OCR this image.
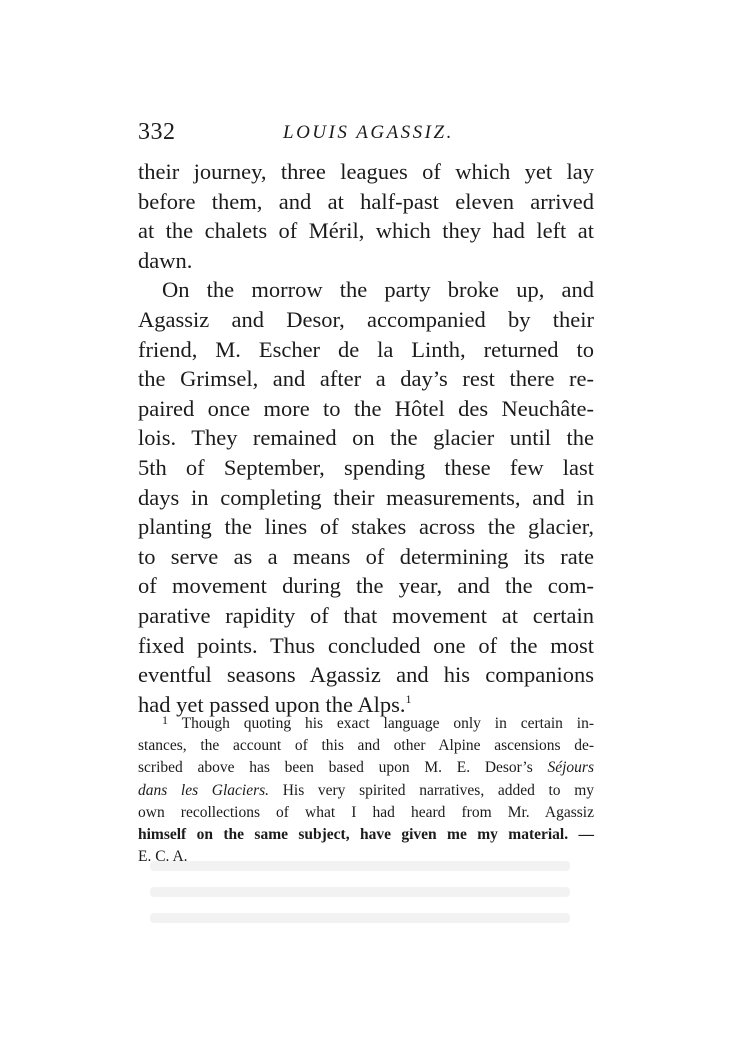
332	LOUIS AGASSIZ.
their journey, three leagues of which yet lay
before them, and at half-past eleven arrived
at the chalets of Méril, which they had left at
dawn.
On the morrow the party broke up, and
Agassiz and Desor, accompanied by their
friend, M. Escher de la Linth, returned to
the Grimsel, and after a day’s rest there re-
paired once more to the Hôtel des Neuchâte-
lois. They remained on the glacier until the
5th of September, spending these few last
days in completing their measurements, and in
planting the lines of stakes across the glacier,
to serve as a means of determining its rate
of movement during the year, and the com-
parative rapidity of that movement at certain
fixed points. Thus concluded one of the most
eventful seasons Agassiz and his companions
had yet passed upon the Alps.$^1$
$^1$ Though quoting his exact language only in certain in-
stances, the account of this and other Alpine ascensions de-
scribed above has been based upon M. E. Desor’s Séjours
dans les Glaciers. His very spirited narratives, added to my
own recollections of what I had heard from Mr. Agassiz
himself on the same subject, have given me my material. —
E. C. A.
